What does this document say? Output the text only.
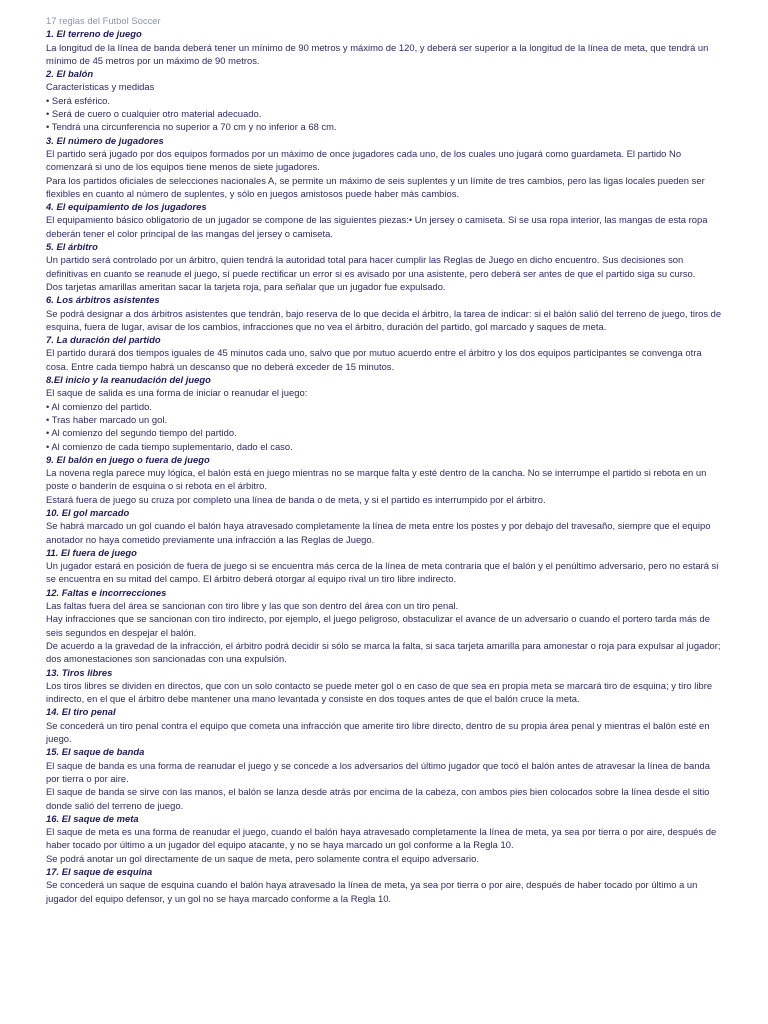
17 reglas del Futbol Soccer
1. El terreno de juego

La longitud de la línea de banda deberá tener un mínimo de 90 metros y máximo de 120, y deberá ser superior a la longitud de la línea de meta, que tendrá un mínimo de 45 metros por un máximo de 90 metros.

2. El balón

Características y medidas

• Será esférico.

• Será de cuero o cualquier otro material adecuado.

• Tendrá una circunferencia no superior a 70 cm y no inferior a 68 cm.

3. El número de jugadores

El partido será jugado por dos equipos formados por un máximo de once jugadores cada uno, de los cuales uno jugará como guardameta. El partido No comenzará si uno de los equipos tiene menos de siete jugadores.

Para los partidos oficiales de selecciones nacionales A, se permite un máximo de seis suplentes y un límite de tres cambios, pero las ligas locales pueden ser flexibles en cuanto al número de suplentes, y sólo en juegos amistosos puede haber más cambios.

4. El equipamiento de los jugadores

El equipamiento básico obligatorio de un jugador se compone de las siguientes piezas:• Un jersey o camiseta. Si se usa ropa interior, las mangas de esta ropa deberán tener el color principal de las mangas del jersey o camiseta.

5. El árbitro

Un partido será controlado por un árbitro, quien tendrá la autoridad total para hacer cumplir las Reglas de Juego en dicho encuentro. Sus decisiones son definitivas en cuanto se reanude el juego, sí puede rectificar un error si es avisado por una asistente, pero deberá ser antes de que el partido siga su curso.

Dos tarjetas amarillas ameritan sacar la tarjeta roja, para señalar que un jugador fue expulsado.

6. Los árbitros asistentes

Se podrá designar a dos árbitros asistentes que tendrán, bajo reserva de lo que decida el árbitro, la tarea de indicar: si el balón salió del terreno de juego, tiros de esquina, fuera de lugar, avisar de los cambios, infracciones que no vea el árbitro, duración del partido, gol marcado y saques de meta.

7. La duración del partido

El partido durará dos tiempos iguales de 45 minutos cada uno, salvo que por mutuo acuerdo entre el árbitro y los dos equipos participantes se convenga otra cosa. Entre cada tiempo habrá un descanso que no deberá exceder de 15 minutos.

8.El inicio y la reanudación del juego

El saque de salida es una forma de iniciar o reanudar el juego:

• Al comienzo del partido.

• Tras haber marcado un gol.

• Al comienzo del segundo tiempo del partido.

• Al comienzo de cada tiempo suplementario, dado el caso.

9. El balón en juego o fuera de juego

La novena regla parece muy lógica, el balón está en juego mientras no se marque falta y esté dentro de la cancha. No se interrumpe el partido si rebota en un poste o banderín de esquina o si rebota en el árbitro.

Estará fuera de juego su cruza por completo una línea de banda o de meta, y si el partido es interrumpido por el árbitro.

10. El gol marcado

Se habrá marcado un gol cuando el balón haya atravesado completamente la línea de meta entre los postes y por debajo del travesaño, siempre que el equipo anotador no haya cometido previamente una infracción a las Reglas de Juego.

11. El fuera de juego

Un jugador estará en posición de fuera de juego si se encuentra más cerca de la línea de meta contraria que el balón y el penúltimo adversario, pero no estará si se encuentra en su mitad del campo. El árbitro deberá otorgar al equipo rival un tiro libre indirecto.

12. Faltas e incorrecciones

Las faltas fuera del área se sancionan con tiro libre y las que son dentro del área con un tiro penal.

Hay infracciones que se sancionan con tiro indirecto, por ejemplo, el juego peligroso, obstaculizar el avance de un adversario o cuando el portero tarda más de seis segundos en despejar el balón.

De acuerdo a la gravedad de la infracción, el árbitro podrá decidir si sólo se marca la falta, si saca tarjeta amarilla para amonestar o roja para expulsar al jugador; dos amonestaciones son sancionadas con una expulsión.

13. Tiros libres

Los tiros libres se dividen en directos, que con un solo contacto se puede meter gol o en caso de que sea en propia meta se marcará tiro de esquina; y tiro libre indirecto, en el que el árbitro debe mantener una mano levantada y consiste en dos toques antes de que el balón cruce la meta.

14. El tiro penal

Se concederá un tiro penal contra el equipo que cometa una infracción que amerite tiro libre directo, dentro de su propia área penal y mientras el balón esté en juego.

15. El saque de banda

El saque de banda es una forma de reanudar el juego y se concede a los adversarios del último jugador que tocó el balón antes de atravesar la línea de banda por tierra o por aire.

El saque de banda se sirve con las manos, el balón se lanza desde atrás por encima de la cabeza, con ambos pies bien colocados sobre la línea desde el sitio donde salió del terreno de juego.

16. El saque de meta

El saque de meta es una forma de reanudar el juego, cuando el balón haya atravesado completamente la línea de meta, ya sea por tierra o por aire, después de haber tocado por último a un jugador del equipo atacante, y no se haya marcado un gol conforme a la Regla 10.

Se podrá anotar un gol directamente de un saque de meta, pero solamente contra el equipo adversario.

17. El saque de esquina

Se concederá un saque de esquina cuando el balón haya atravesado la línea de meta, ya sea por tierra o por aire, después de haber tocado por último a un jugador del equipo defensor, y un gol no se haya marcado conforme a la Regla 10.
